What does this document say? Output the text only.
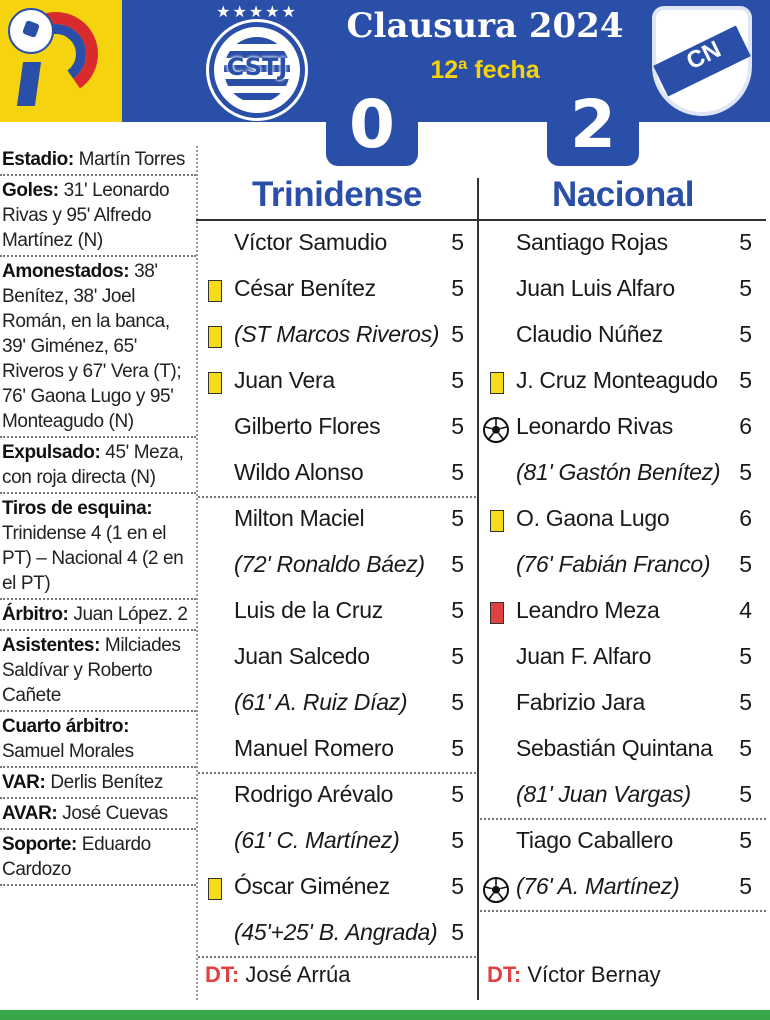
★★★★★
CSTJ
Clausura 2024
12ª fecha	CN
0	2
Estadio: Martín Torres
Goles: 31' Leonardo Rivas y 95' Alfredo Martínez (N)
Amonestados: 38' Benítez, 38' Joel Román, en la banca, 39' Giménez, 65' Riveros y 67' Vera (T); 76' Gaona Lugo y 95' Monteagudo (N)
Expulsado: 45' Meza, con roja directa (N)
Tiros de esquina: Trinidense 4 (1 en el PT) – Nacional 4 (2 en el PT)
Árbitro: Juan López. 2
Asistentes: Milciades Saldívar y Roberto Cañete
Cuarto árbitro: Samuel Morales
VAR: Derlis Benítez
AVAR: José Cuevas
Soporte: Eduardo Cardozo
Trinidense	Nacional
Víctor Samudio	5
César Benítez	5
(ST Marcos Riveros) 5
Juan Vera	5
Gilberto Flores	5
Wildo Alonso	5
Milton Maciel	5
(72' Ronaldo Báez) 5
Luis de la Cruz	5
Juan Salcedo	5
(61' A. Ruiz Díaz) 5
Manuel Romero 5
Rodrigo Arévalo	5
(61' C. Martínez) 5
Óscar Giménez	5
(45'+25' B. Angrada) 5
Santiago Rojas	5
Juan Luis Alfaro	5
Claudio Núñez	5
J. Cruz Monteagudo 5
Leonardo Rivas	6
(81' Gastón Benítez) 5
O. Gaona Lugo	6
(76' Fabián Franco) 5
Leandro Meza	4
Juan F. Alfaro	5
Fabrizio Jara	5
Sebastián Quintana 5
(81' Juan Vargas) 5
Tiago Caballero	5
(76' A. Martínez)	5
DT: José Arrúa	DT: Víctor Bernay
